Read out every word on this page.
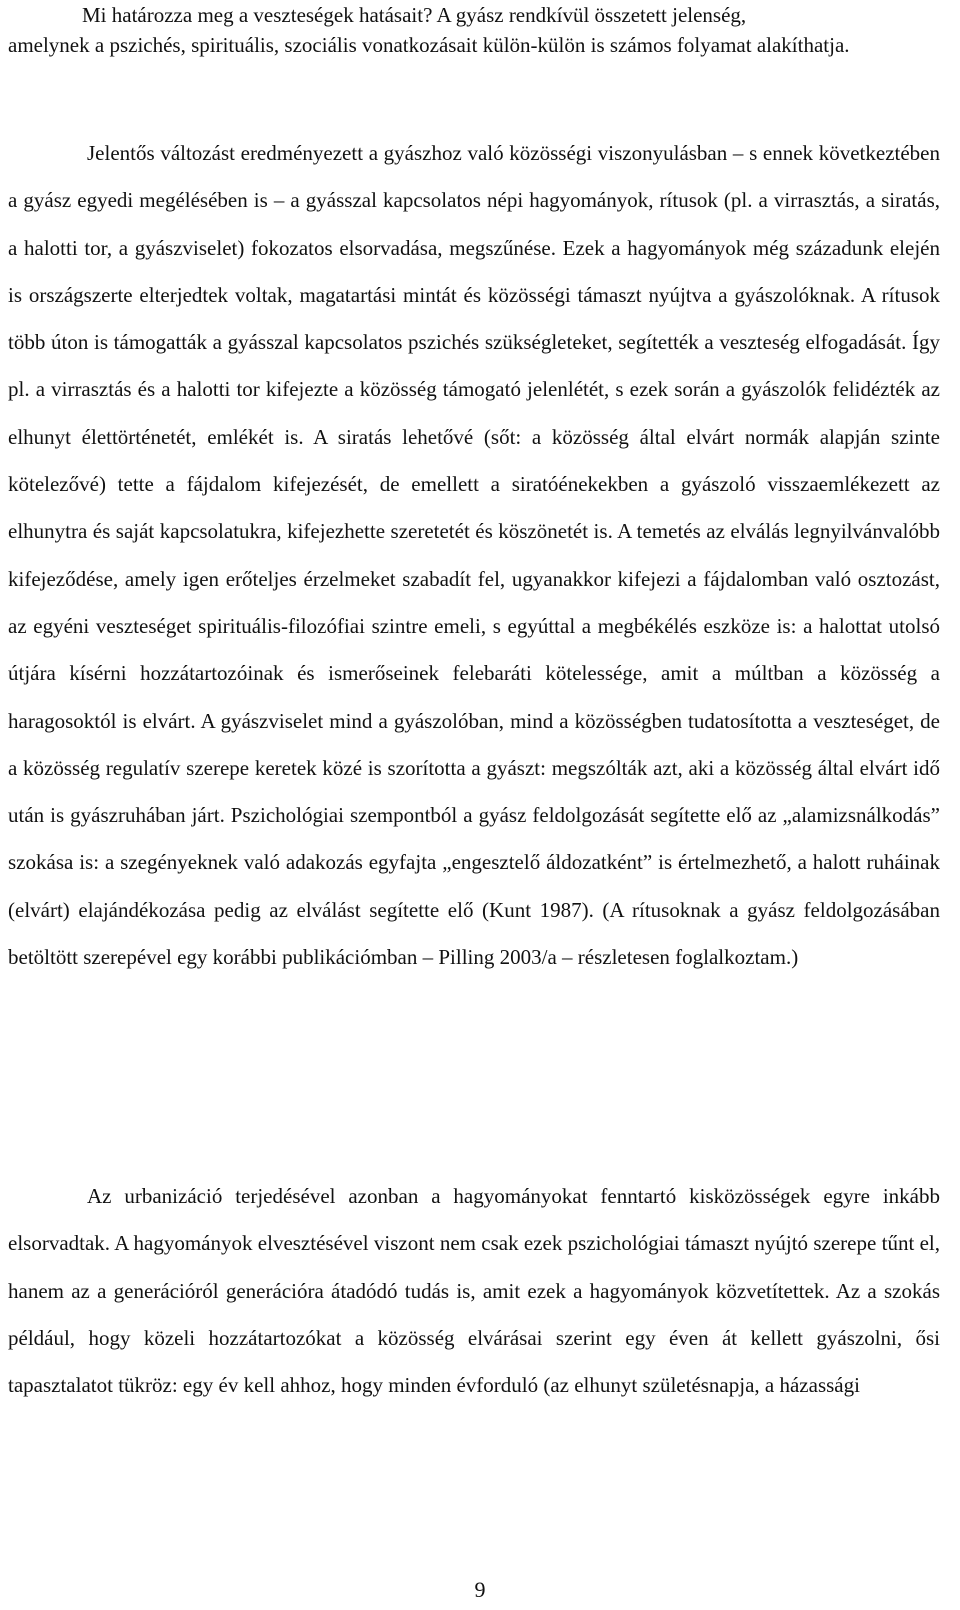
Mi határozza meg a veszteségek hatásait? A gyász rendkívül összetett jelenség,

amelynek a pszichés, spirituális, szociális vonatkozásait külön-külön is számos folyamat alakíthatja.

Jelentős változást eredményezett a gyászhoz való közösségi viszonyulásban – s ennek következtében a gyász egyedi megélésében is – a gyásszal kapcsolatos népi hagyományok, rítusok (pl. a virrasztás, a siratás, a halotti tor, a gyászviselet) fokozatos elsorvadása, megszűnése. Ezek a hagyományok még századunk elején is országszerte elterjedtek voltak, magatartási mintát és közösségi támaszt nyújtva a gyászolóknak. A rítusok több úton is támogatták a gyásszal kapcsolatos pszichés szükségleteket, segítették a veszteség elfogadását. Így pl. a virrasztás és a halotti tor kifejezte a közösség támogató jelenlétét, s ezek során a gyászolók felidézték az elhunyt élettörténetét, emlékét is. A siratás lehetővé (sőt: a közösség által elvárt normák alapján szinte kötelezővé) tette a fájdalom kifejezését, de emellett a siratóénekekben a gyászoló visszaemlékezett az elhunytra és saját kapcsolatukra, kifejezhette szeretetét és köszönetét is. A temetés az elválás legnyilvánvalóbb kifejeződése, amely igen erőteljes érzelmeket szabadít fel, ugyanakkor kifejezi a fájdalomban való osztozást, az egyéni veszteséget spirituális-filozófiai szintre emeli, s egyúttal a megbékélés eszköze is: a halottat utolsó útjára kísérni hozzátartozóinak és ismerőseinek felebaráti kötelessége, amit a múltban a közösség a haragosoktól is elvárt. A gyászviselet mind a gyászolóban, mind a közösségben tudatosította a veszteséget, de a közösség regulatív szerepe keretek közé is szorította a gyászt: megszólták azt, aki a közösség által elvárt idő után is gyászruhában járt. Pszichológiai szempontból a gyász feldolgozását segítette elő az „alamizsnálkodás” szokása is: a szegényeknek való adakozás egyfajta „engesztelő áldozatként” is értelmezhető, a halott ruháinak (elvárt) elajándékozása pedig az elválást segítette elő (Kunt 1987). (A rítusoknak a gyász feldolgozásában betöltött szerepével egy korábbi publikációmban – Pilling 2003/a – részletesen foglalkoztam.)

Az urbanizáció terjedésével azonban a hagyományokat fenntartó kisközösségek egyre inkább elsorvadtak. A hagyományok elvesztésével viszont nem csak ezek pszichológiai támaszt nyújtó szerepe tűnt el, hanem az a generációról generációra átadódó tudás is, amit ezek a hagyományok közvetítettek. Az a szokás például, hogy közeli hozzátartozókat a közösség elvárásai szerint egy éven át kellett gyászolni, ősi tapasztalatot tükröz: egy év kell ahhoz, hogy minden évforduló (az elhunyt születésnapja, a házassági

9
